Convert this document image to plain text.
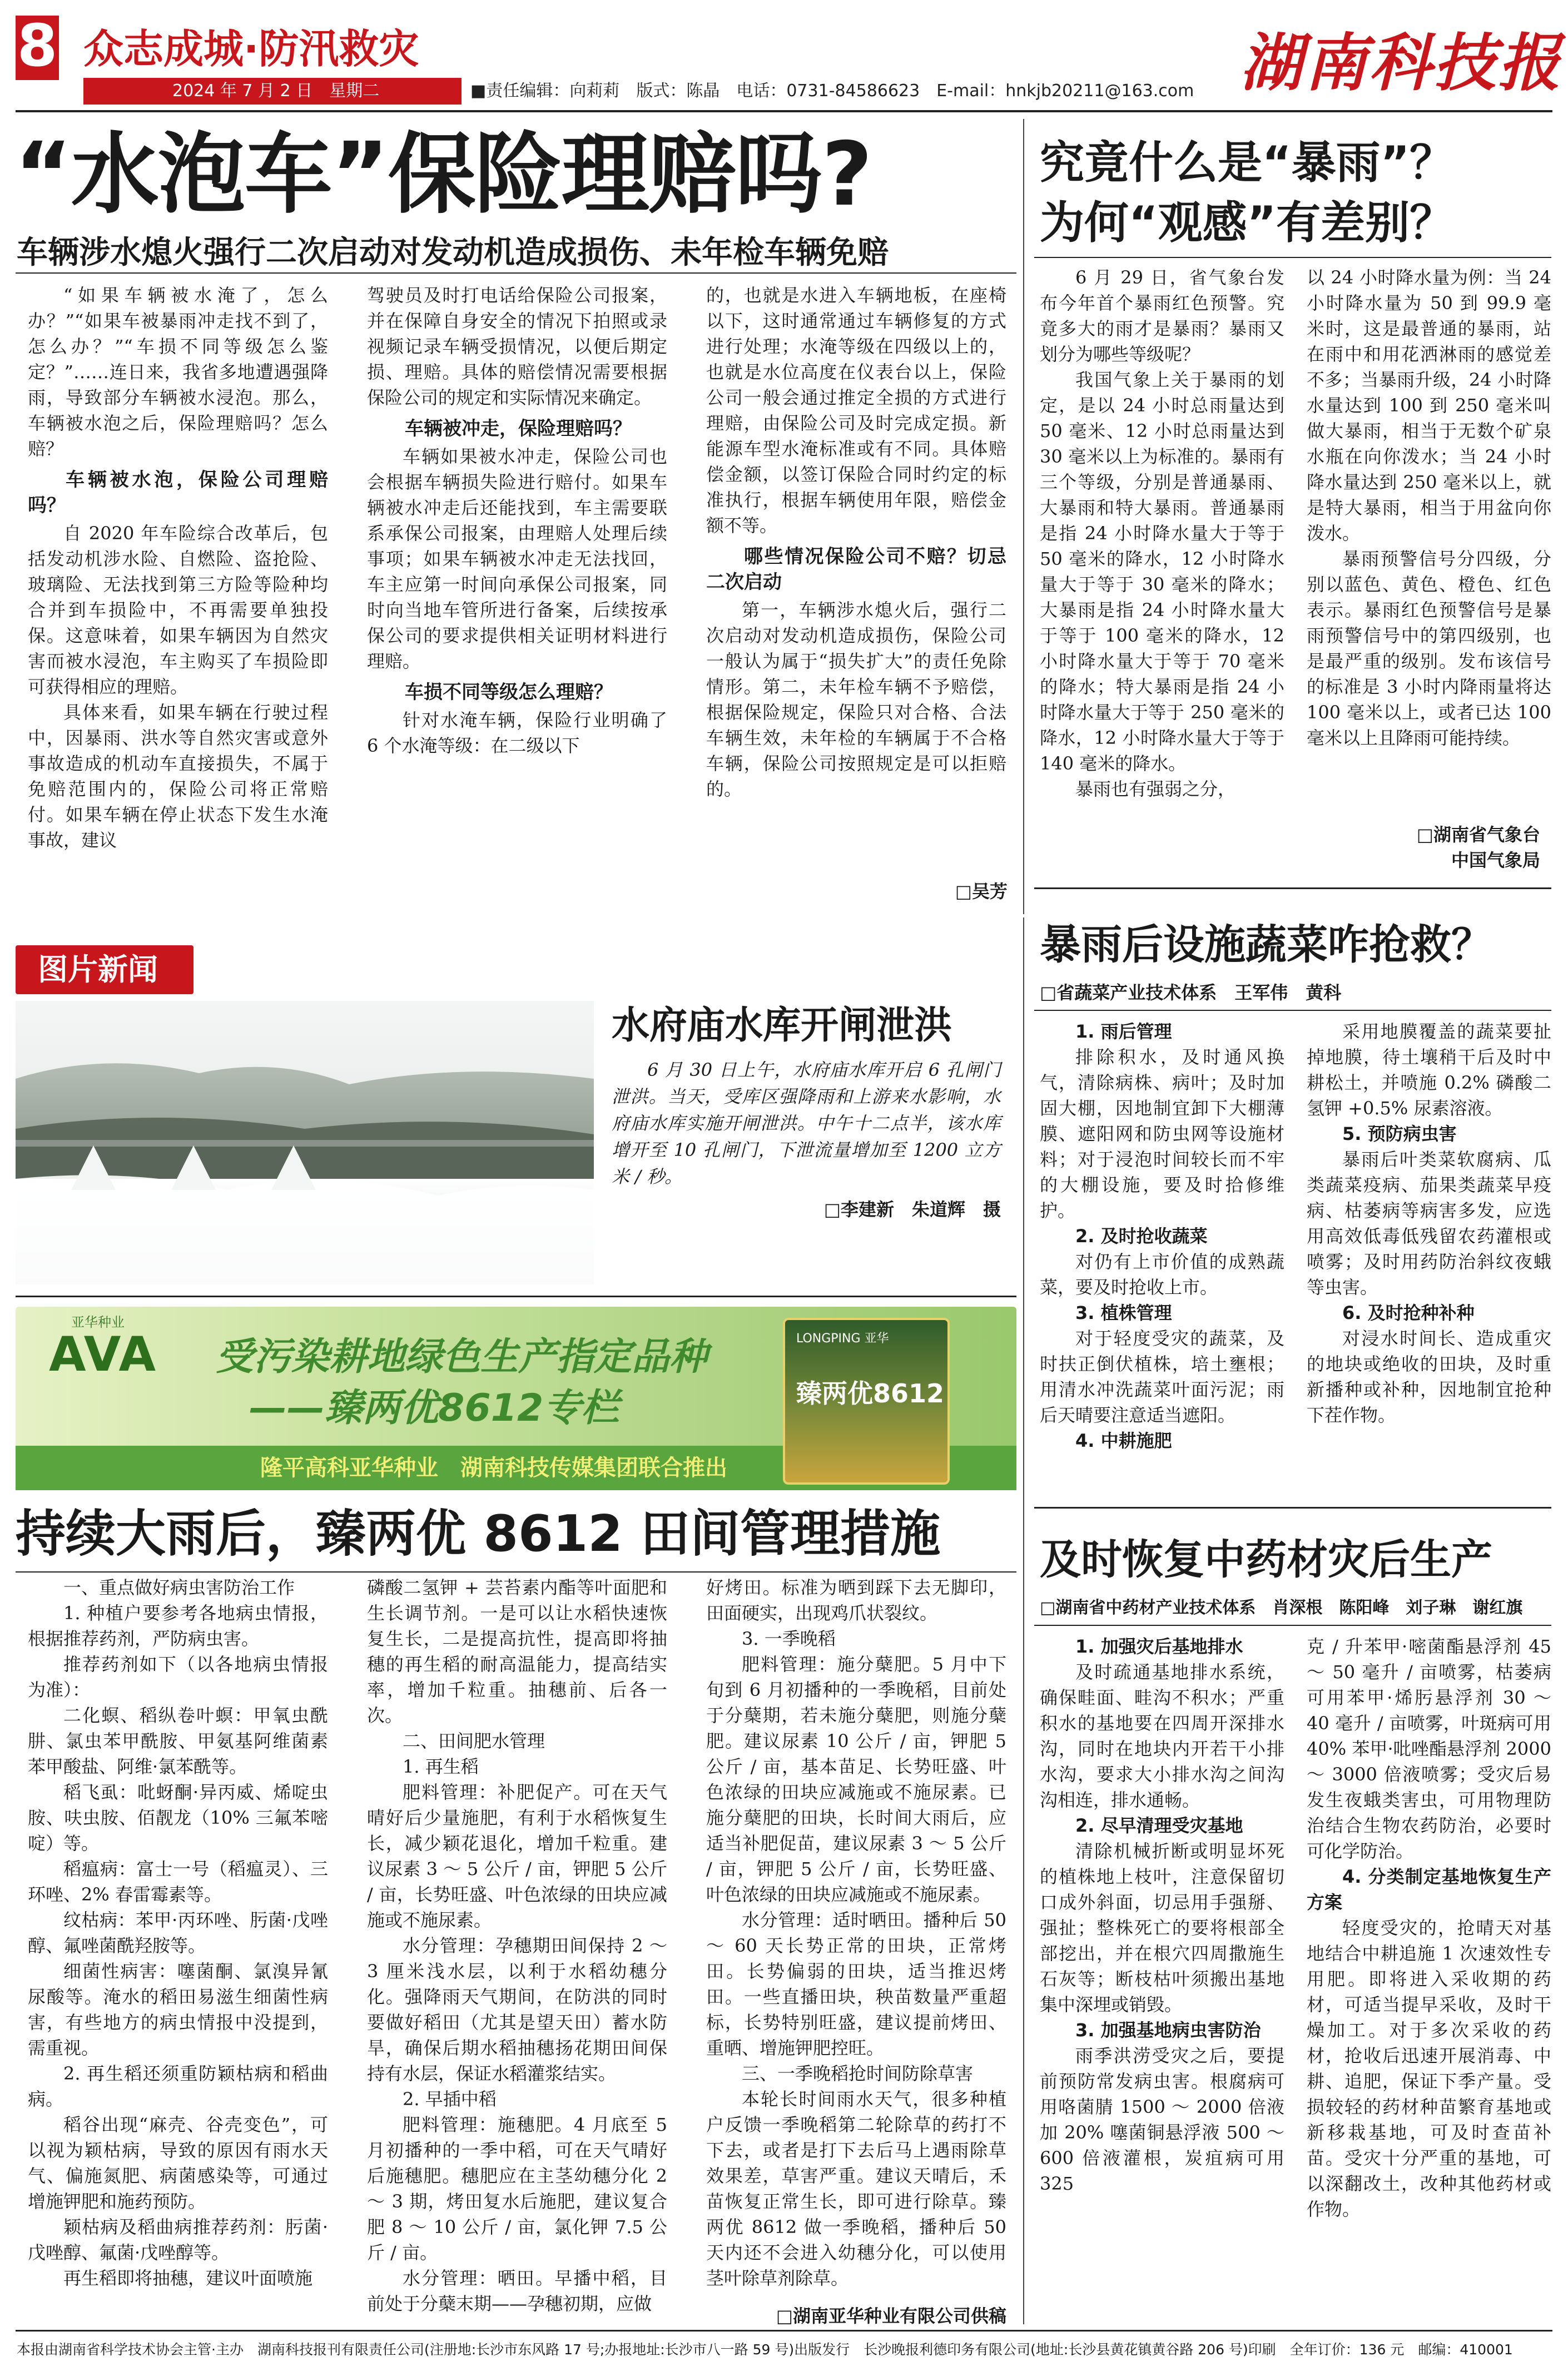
8 众志成城·防汛救灾
2024 年 7 月 2 日　星期二	■责任编辑：向莉莉　版式：陈晶　电话：0731-84586623　E-mail：hnkjb20211@163.com 湖南科技报
“水泡车”保险理赔吗?
车辆涉水熄火强行二次启动对发动机造成损伤、未年检车辆免赔

“如果车辆被水淹了，怎么办？”“如果车被暴雨冲走找不到了，怎么办？”“车损不同等级怎么鉴定？”……连日来，我省多地遭遇强降雨，导致部分车辆被水浸泡。那么，车辆被水泡之后，保险理赔吗？怎么赔？

车辆被水泡，保险公司理赔吗？

自 2020 年车险综合改革后，包括发动机涉水险、自燃险、盗抢险、玻璃险、无法找到第三方险等险种均合并到车损险中，不再需要单独投保。这意味着，如果车辆因为自然灾害而被水浸泡，车主购买了车损险即可获得相应的理赔。

具体来看，如果车辆在行驶过程中，因暴雨、洪水等自然灾害或意外事故造成的机动车直接损失，不属于免赔范围内的，保险公司将正常赔付。如果车辆在停止状态下发生水淹事故，建议

驾驶员及时打电话给保险公司报案，并在保障自身安全的情况下拍照或录视频记录车辆受损情况，以便后期定损、理赔。具体的赔偿情况需要根据保险公司的规定和实际情况来确定。

车辆被冲走，保险理赔吗？

车辆如果被水冲走，保险公司也会根据车辆损失险进行赔付。如果车辆被水冲走后还能找到，车主需要联系承保公司报案，由理赔人处理后续事项；如果车辆被水冲走无法找回，车主应第一时间向承保公司报案，同时向当地车管所进行备案，后续按承保公司的要求提供相关证明材料进行理赔。

车损不同等级怎么理赔？

针对水淹车辆，保险行业明确了 6 个水淹等级：在二级以下

的，也就是水进入车辆地板，在座椅以下，这时通常通过车辆修复的方式进行处理；水淹等级在四级以上的，也就是水位高度在仪表台以上，保险公司一般会通过推定全损的方式进行理赔，由保险公司及时完成定损。新能源车型水淹标准或有不同。具体赔偿金额，以签订保险合同时约定的标准执行，根据车辆使用年限，赔偿金额不等。

哪些情况保险公司不赔？切忌二次启动

第一，车辆涉水熄火后，强行二次启动对发动机造成损伤，保险公司一般认为属于“损失扩大”的责任免除情形。第二，未年检车辆不予赔偿，根据保险规定，保险只对合格、合法车辆生效，未年检的车辆属于不合格车辆，保险公司按照规定是可以拒赔的。

□吴芳
究竟什么是“暴雨”？
为何“观感”有差别？

6 月 29 日，省气象台发布今年首个暴雨红色预警。究竟多大的雨才是暴雨？暴雨又划分为哪些等级呢？

我国气象上关于暴雨的划定，是以 24 小时总雨量达到 50 毫米、12 小时总雨量达到 30 毫米以上为标准的。暴雨有三个等级，分别是普通暴雨、大暴雨和特大暴雨。普通暴雨是指 24 小时降水量大于等于 50 毫米的降水，12 小时降水量大于等于 30 毫米的降水；大暴雨是指 24 小时降水量大于等于 100 毫米的降水，12 小时降水量大于等于 70 毫米的降水；特大暴雨是指 24 小时降水量大于等于 250 毫米的降水，12 小时降水量大于等于 140 毫米的降水。

暴雨也有强弱之分，

以 24 小时降水量为例：当 24 小时降水量为 50 到 99.9 毫米时，这是最普通的暴雨，站在雨中和用花洒淋雨的感觉差不多；当暴雨升级，24 小时降水量达到 100 到 250 毫米叫做大暴雨，相当于无数个矿泉水瓶在向你泼水；当 24 小时降水量达到 250 毫米以上，就是特大暴雨，相当于用盆向你泼水。

暴雨预警信号分四级，分别以蓝色、黄色、橙色、红色表示。暴雨红色预警信号是暴雨预警信号中的第四级别，也是最严重的级别。发布该信号的标准是 3 小时内降雨量将达 100 毫米以上，或者已达 100 毫米以上且降雨可能持续。

□湖南省气象台
中国气象局
图片新闻
水府庙水库开闸泄洪
6 月 30 日上午，水府庙水库开启 6 孔闸门泄洪。当天，受库区强降雨和上游来水影响，水府庙水库实施开闸泄洪。中午十二点半，该水库增开至 10 孔闸门，下泄流量增加至 1200 立方米 / 秒。
□李建新　朱道辉　摄
亚华种业
AVA 受污染耕地绿色生产指定品种
——臻两优8612专栏
隆平高科亚华种业　湖南科技传媒集团联合推出
LONGPING 亚华
臻两优8612
持续大雨后，臻两优 8612 田间管理措施

一、重点做好病虫害防治工作

1. 种植户要参考各地病虫情报，根据推荐药剂，严防病虫害。

推荐药剂如下（以各地病虫情报为准）：

二化螟、稻纵卷叶螟：甲氧虫酰肼、氯虫苯甲酰胺、甲氨基阿维菌素苯甲酸盐、阿维·氯苯酰等。

稻飞虱：吡蚜酮·异丙威、烯啶虫胺、呋虫胺、佰靓龙（10% 三氟苯嘧啶）等。

稻瘟病：富士一号（稻瘟灵）、三环唑、2% 春雷霉素等。

纹枯病：苯甲·丙环唑、肟菌·戊唑醇、氟唑菌酰羟胺等。

细菌性病害：噻菌酮、氯溴异氰尿酸等。淹水的稻田易滋生细菌性病害，有些地方的病虫情报中没提到，需重视。

2. 再生稻还须重防颖枯病和稻曲病。

稻谷出现“麻壳、谷壳变色”，可以视为颖枯病，导致的原因有雨水天气、偏施氮肥、病菌感染等，可通过增施钾肥和施药预防。

颖枯病及稻曲病推荐药剂：肟菌·戊唑醇、氟菌·戊唑醇等。

再生稻即将抽穗，建议叶面喷施

磷酸二氢钾 + 芸苔素内酯等叶面肥和生长调节剂。一是可以让水稻快速恢复生长，二是提高抗性，提高即将抽穗的再生稻的耐高温能力，提高结实率，增加千粒重。抽穗前、后各一次。

二、田间肥水管理

1. 再生稻

肥料管理：补肥促产。可在天气晴好后少量施肥，有利于水稻恢复生长，减少颖花退化，增加千粒重。建议尿素 3 ～ 5 公斤 / 亩，钾肥 5 公斤 / 亩，长势旺盛、叶色浓绿的田块应减施或不施尿素。

水分管理：孕穗期田间保持 2 ～ 3 厘米浅水层，以利于水稻幼穗分化。强降雨天气期间，在防洪的同时要做好稻田（尤其是望天田）蓄水防旱，确保后期水稻抽穗扬花期田间保持有水层，保证水稻灌浆结实。

2. 早插中稻

肥料管理：施穗肥。4 月底至 5 月初播种的一季中稻，可在天气晴好后施穗肥。穗肥应在主茎幼穗分化 2 ～ 3 期，烤田复水后施肥，建议复合肥 8 ～ 10 公斤 / 亩，氯化钾 7.5 公斤 / 亩。

水分管理：晒田。早播中稻，目前处于分蘖末期——孕穗初期，应做

好烤田。标准为晒到踩下去无脚印，田面硬实，出现鸡爪状裂纹。

3. 一季晚稻

肥料管理：施分蘖肥。5 月中下旬到 6 月初播种的一季晚稻，目前处于分蘖期，若未施分蘖肥，则施分蘖肥。建议尿素 10 公斤 / 亩，钾肥 5 公斤 / 亩，基本苗足、长势旺盛、叶色浓绿的田块应减施或不施尿素。已施分蘖肥的田块，长时间大雨后，应适当补肥促苗，建议尿素 3 ～ 5 公斤 / 亩，钾肥 5 公斤 / 亩，长势旺盛、叶色浓绿的田块应减施或不施尿素。

水分管理：适时晒田。播种后 50 ～ 60 天长势正常的田块，正常烤田。长势偏弱的田块，适当推迟烤田。一些直播田块，秧苗数量严重超标，长势特别旺盛，建议提前烤田、重晒、增施钾肥控旺。

三、一季晚稻抢时间防除草害

本轮长时间雨水天气，很多种植户反馈一季晚稻第二轮除草的药打不下去，或者是打下去后马上遇雨除草效果差，草害严重。建议天晴后，禾苗恢复正常生长，即可进行除草。臻两优 8612 做一季晚稻，播种后 50 天内还不会进入幼穗分化，可以使用茎叶除草剂除草。

□湖南亚华种业有限公司供稿
暴雨后设施蔬菜咋抢救？
□省蔬菜产业技术体系　王军伟　黄科
1. 雨后管理

排除积水，及时通风换气，清除病株、病叶；及时加固大棚，因地制宜卸下大棚薄膜、遮阳网和防虫网等设施材料；对于浸泡时间较长而不牢的大棚设施，要及时拾修维护。

2. 及时抢收蔬菜

对仍有上市价值的成熟蔬菜，要及时抢收上市。

3. 植株管理

对于轻度受灾的蔬菜，及时扶正倒伏植株，培土壅根；用清水冲洗蔬菜叶面污泥；雨后天晴要注意适当遮阳。

4. 中耕施肥

采用地膜覆盖的蔬菜要扯掉地膜，待土壤稍干后及时中耕松土，并喷施 0.2% 磷酸二氢钾 +0.5% 尿素溶液。

5. 预防病虫害

暴雨后叶类菜软腐病、瓜类蔬菜疫病、茄果类蔬菜早疫病、枯萎病等病害多发，应选用高效低毒低残留农药灌根或喷雾；及时用药防治斜纹夜蛾等虫害。

6. 及时抢种补种

对浸水时间长、造成重灾的地块或绝收的田块，及时重新播种或补种，因地制宜抢种下茬作物。

及时恢复中药材灾后生产
□湖南省中药材产业技术体系　肖深根　陈阳峰　刘子琳　谢红旗
1. 加强灾后基地排水

及时疏通基地排水系统，确保畦面、畦沟不积水；严重积水的基地要在四周开深排水沟，同时在地块内开若干小排水沟，要求大小排水沟之间沟沟相连，排水通畅。

2. 尽早清理受灾基地

清除机械折断或明显坏死的植株地上枝叶，注意保留切口成外斜面，切忌用手强掰、强扯；整株死亡的要将根部全部挖出，并在根穴四周撒施生石灰等；断枝枯叶须搬出基地集中深埋或销毁。

3. 加强基地病虫害防治

雨季洪涝受灾之后，要提前预防常发病虫害。根腐病可用咯菌腈 1500 ～ 2000 倍液加 20% 噻菌铜悬浮液 500 ～ 600 倍液灌根，炭疽病可用 325

克 / 升苯甲·嘧菌酯悬浮剂 45 ～ 50 毫升 / 亩喷雾，枯萎病可用苯甲·烯肟悬浮剂 30 ～ 40 毫升 / 亩喷雾，叶斑病可用 40% 苯甲·吡唑酯悬浮剂 2000 ～ 3000 倍液喷雾；受灾后易发生夜蛾类害虫，可用物理防治结合生物农药防治，必要时可化学防治。

4. 分类制定基地恢复生产方案

轻度受灾的，抢晴天对基地结合中耕追施 1 次速效性专用肥。即将进入采收期的药材，可适当提早采收，及时干燥加工。对于多次采收的药材，抢收后迅速开展消毒、中耕、追肥，保证下季产量。受损较轻的药材种苗繁育基地或新移栽基地，可及时查苗补苗。受灾十分严重的基地，可以深翻改土，改种其他药材或作物。

本报由湖南省科学技术协会主管·主办　湖南科技报刊有限责任公司(注册地:长沙市东风路 17 号;办报地址:长沙市八一路 59 号)出版发行　长沙晚报利德印务有限公司(地址:长沙县黄花镇黄谷路 206 号)印刷　全年订价：136 元　邮编：410001
